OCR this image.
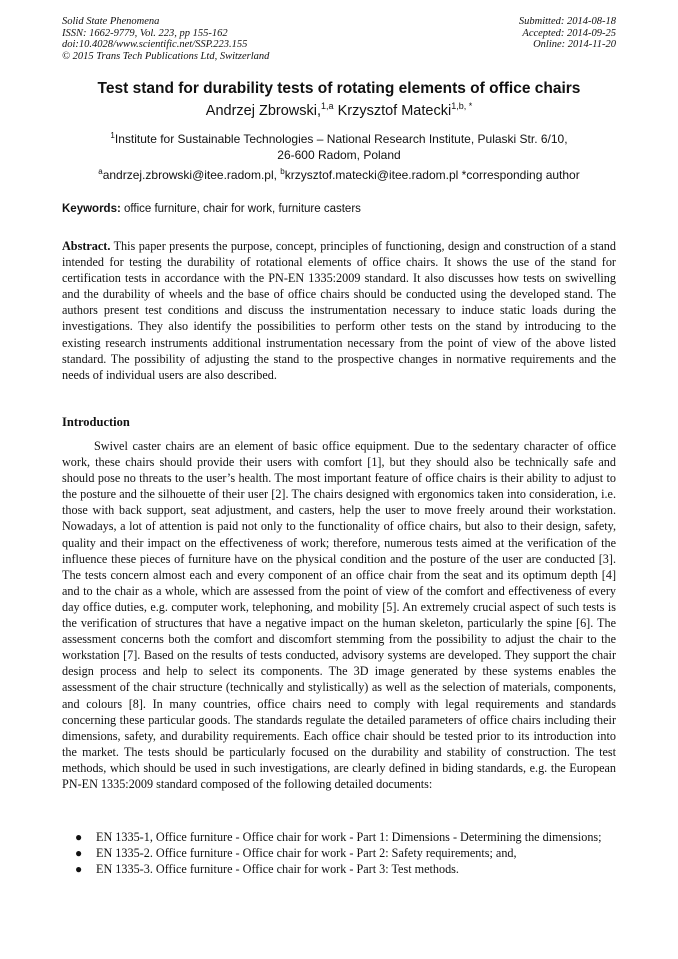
Solid State Phenomena
ISSN: 1662-9779, Vol. 223, pp 155-162
doi:10.4028/www.scientific.net/SSP.223.155
© 2015 Trans Tech Publications Ltd, Switzerland
Submitted: 2014-08-18
Accepted: 2014-09-25
Online: 2014-11-20
Test stand for durability tests of rotating elements of office chairs
Andrzej Zbrowski,$^{1,a}$ Krzysztof Matecki$^{1,b, *}$
$^1$Institute for Sustainable Technologies – National Research Institute, Pulaski Str. 6/10,
26-600 Radom, Poland
$^a$andrzej.zbrowski@itee.radom.pl, $^b$krzysztof.matecki@itee.radom.pl *corresponding author
Keywords: office furniture, chair for work, furniture casters
Abstract. This paper presents the purpose, concept, principles of functioning, design and construction of a stand intended for testing the durability of rotational elements of office chairs. It shows the use of the stand for certification tests in accordance with the PN-EN 1335:2009 standard. It also discusses how tests on swivelling and the durability of wheels and the base of office chairs should be conducted using the developed stand. The authors present test conditions and discuss the instrumentation necessary to induce static loads during the investigations. They also identify the possibilities to perform other tests on the stand by introducing to the existing research instruments additional instrumentation necessary from the point of view of the above listed standard. The possibility of adjusting the stand to the prospective changes in normative requirements and the needs of individual users are also described.
Introduction
Swivel caster chairs are an element of basic office equipment. Due to the sedentary character of office work, these chairs should provide their users with comfort [1], but they should also be technically safe and should pose no threats to the user’s health. The most important feature of office chairs is their ability to adjust to the posture and the silhouette of their user [2]. The chairs designed with ergonomics taken into consideration, i.e. those with back support, seat adjustment, and casters, help the user to move freely around their workstation. Nowadays, a lot of attention is paid not only to the functionality of office chairs, but also to their design, safety, quality and their impact on the effectiveness of work; therefore, numerous tests aimed at the verification of the influence these pieces of furniture have on the physical condition and the posture of the user are conducted [3]. The tests concern almost each and every component of an office chair from the seat and its optimum depth [4] and to the chair as a whole, which are assessed from the point of view of the comfort and effectiveness of every day office duties, e.g. computer work, telephoning, and mobility [5]. An extremely crucial aspect of such tests is the verification of structures that have a negative impact on the human skeleton, particularly the spine [6]. The assessment concerns both the comfort and discomfort stemming from the possibility to adjust the chair to the workstation [7]. Based on the results of tests conducted, advisory systems are developed. They support the chair design process and help to select its components. The 3D image generated by these systems enables the assessment of the chair structure (technically and stylistically) as well as the selection of materials, components, and colours [8]. In many countries, office chairs need to comply with legal requirements and standards concerning these particular goods. The standards regulate the detailed parameters of office chairs including their dimensions, safety, and durability requirements. Each office chair should be tested prior to its introduction into the market. The tests should be particularly focused on the durability and stability of construction. The test methods, which should be used in such investigations, are clearly defined in biding standards, e.g. the European PN-EN 1335:2009 standard composed of the following detailed documents:
● EN 1335-1, Office furniture - Office chair for work - Part 1: Dimensions - Determining the dimensions;
● EN 1335-2. Office furniture - Office chair for work - Part 2: Safety requirements; and,
● EN 1335-3. Office furniture - Office chair for work - Part 3: Test methods.
